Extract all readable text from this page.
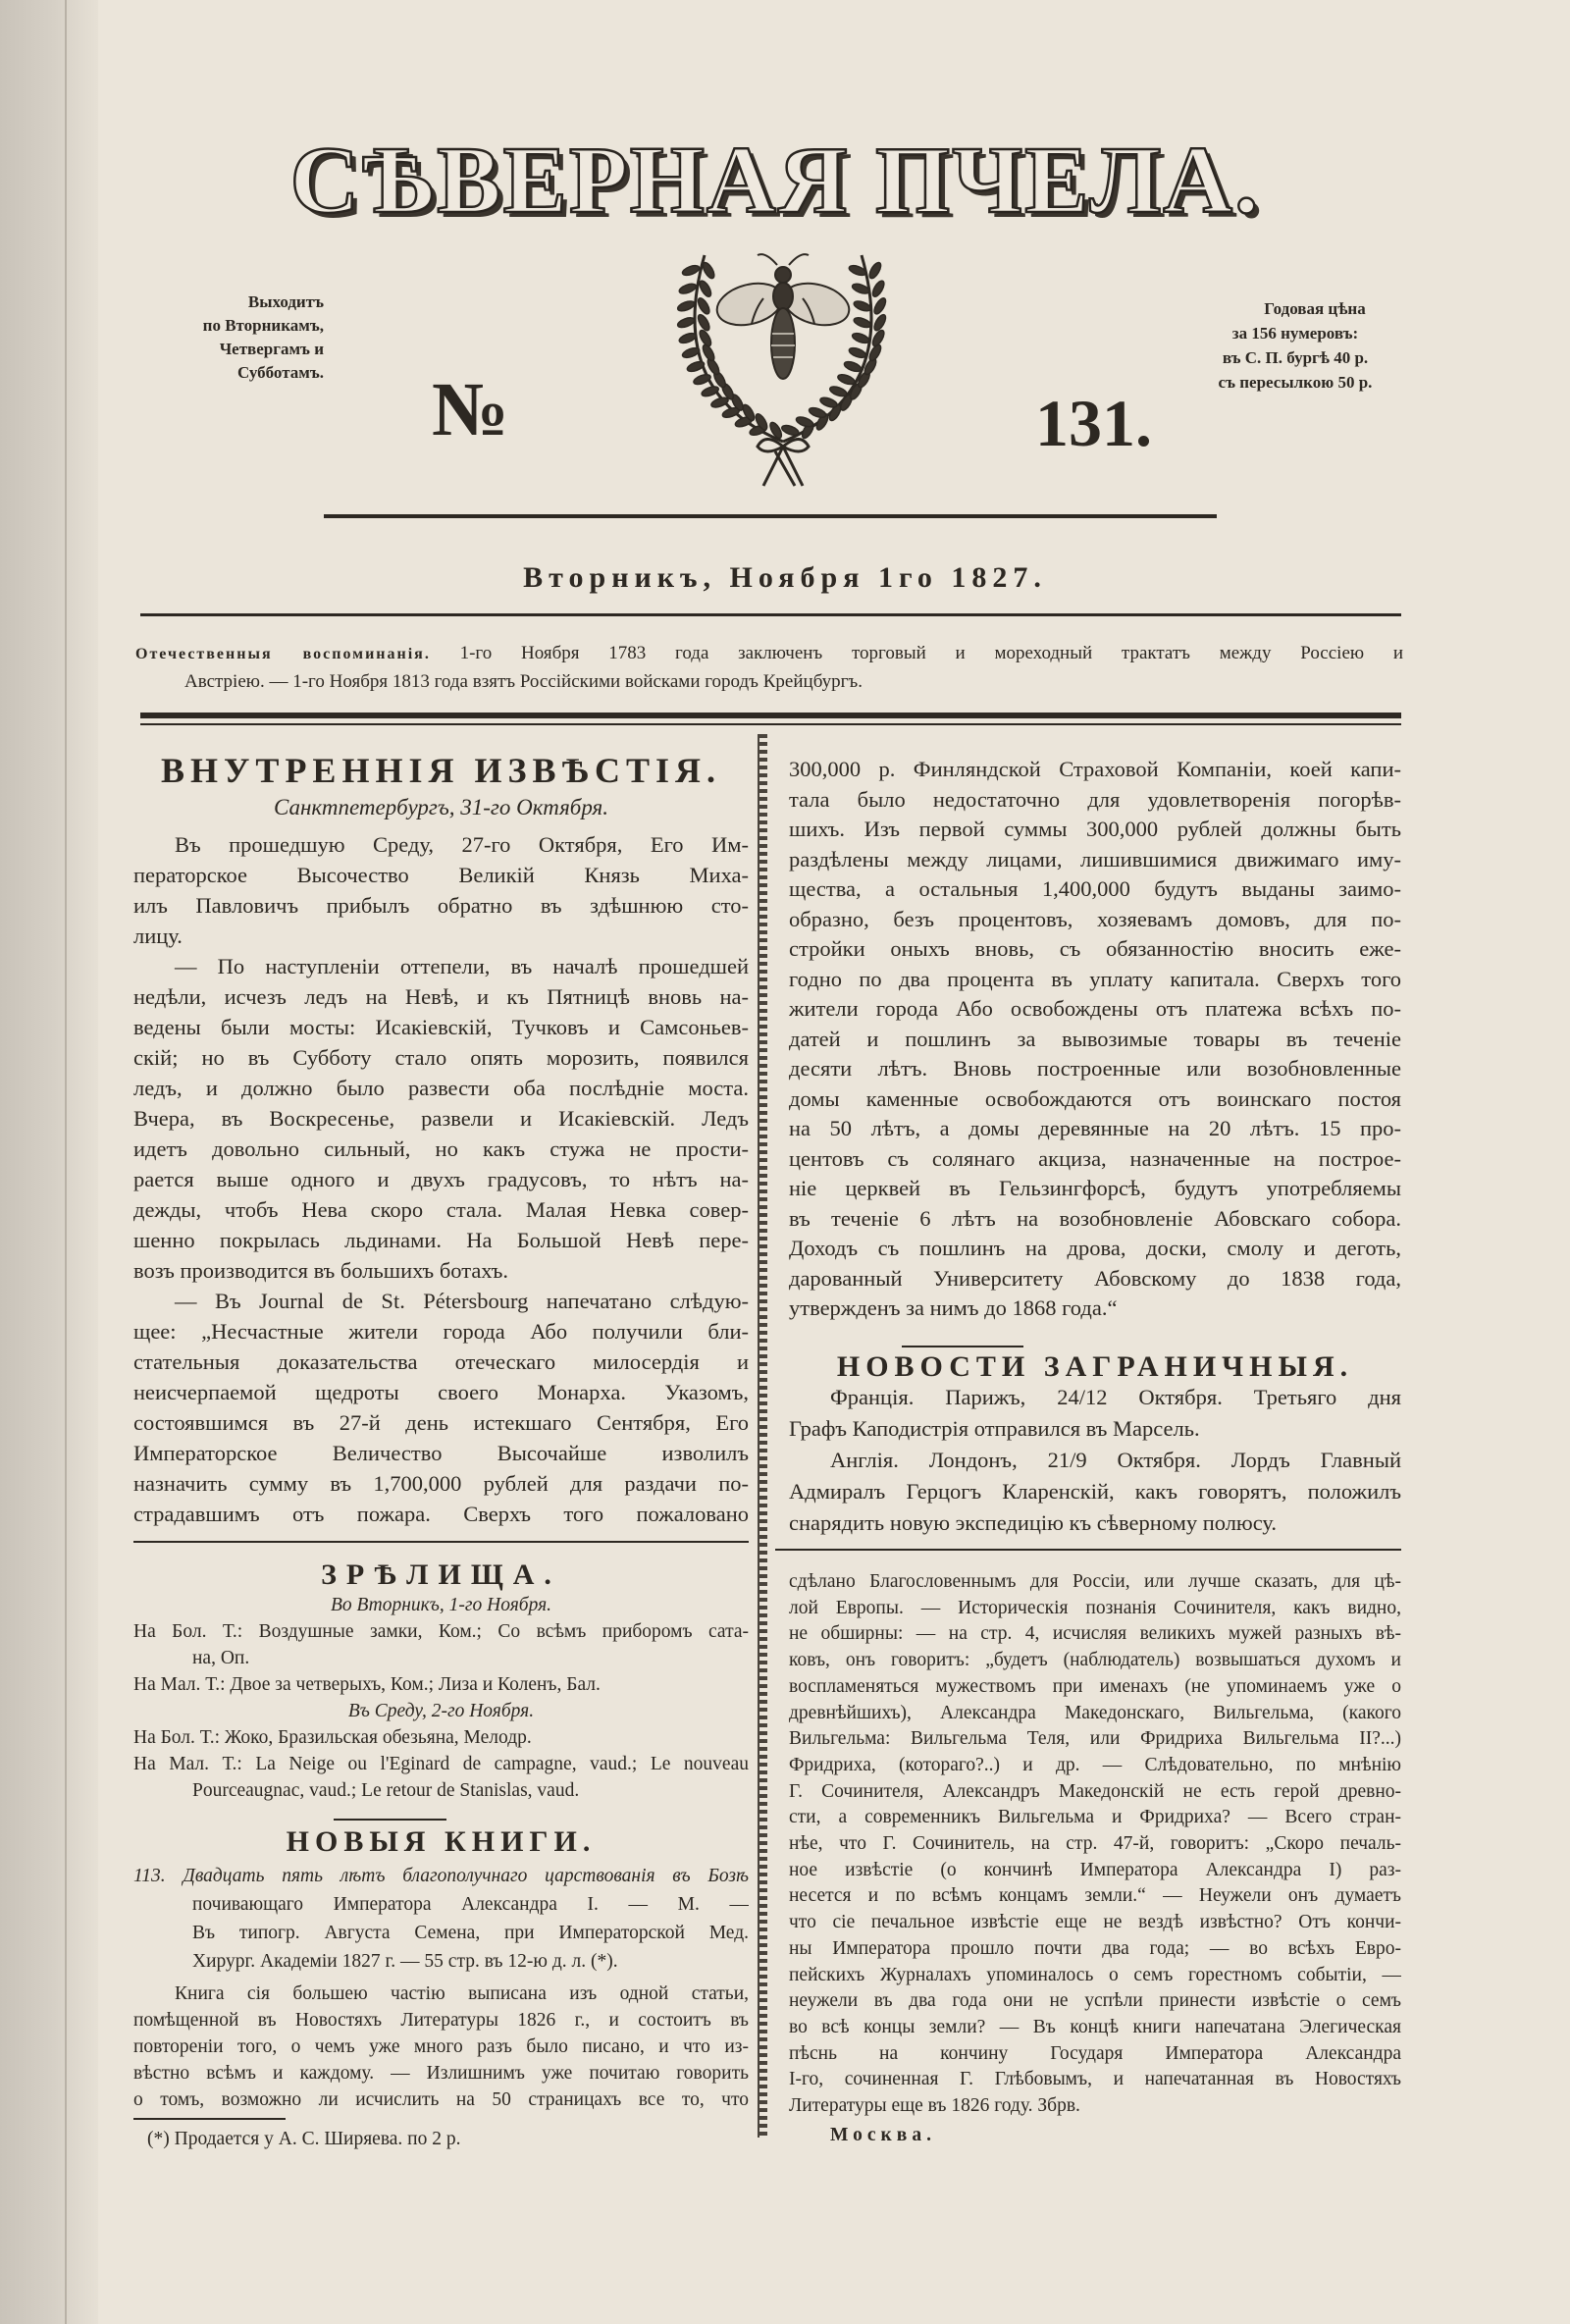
СѢВЕРНАЯ ПЧЕЛА.
Выходитъ
по Вторникамъ,
Четвергамъ и
Субботамъ.
Годовая цѣна
за 156 нумеровъ:
въ С. П. бургѣ 40 р.
съ пересылкою 50 р.
№	131.
Вторникъ, Ноября 1го 1827.
Отечественныя воспоминанія. 1-го Ноября 1783 года заключенъ торговый и мореходный трактатъ между Россіею и
Австріею. — 1-го Ноября 1813 года взятъ Россійскими войсками городъ Крейцбургъ.
ВНУТРЕННІЯ ИЗВѢСТІЯ.
Санктпетербургъ, 31-го Октября.
Въ прошедшую Среду, 27-го Октября, Его Им-
ператорское Высочество Великій Князь Миха-
илъ Павловичъ прибылъ обратно въ здѣшнюю сто-
лицу.
— По наступленіи оттепели, въ началѣ прошедшей
недѣли, исчезъ ледъ на Невѣ, и къ Пятницѣ вновь на-
ведены были мосты: Исакіевскій, Тучковъ и Самсоньев-
скій; но въ Субботу стало опять морозить, появился
ледъ, и должно было развести оба послѣдніе моста.
Вчера, въ Воскресенье, развели и Исакіевскій. Ледъ
идетъ довольно сильный, но какъ стужа не прости-
рается выше одного и двухъ градусовъ, то нѣтъ на-
дежды, чтобъ Нева скоро стала. Малая Невка совер-
шенно покрылась льдинами. На Большой Невѣ пере-
возъ производится въ большихъ ботахъ.
— Въ Journal de St. Pétersbourg напечатано слѣдую-
щее: „Несчастные жители города Або получили бли-
стательныя доказательства отеческаго милосердія и
неисчерпаемой щедроты своего Монарха. Указомъ,
состоявшимся въ 27-й день истекшаго Сентября, Его
Императорское Величество Высочайше изволилъ
назначить сумму въ 1,700,000 рублей для раздачи по-
страдавшимъ отъ пожара. Сверхъ того пожаловано
ЗРѢЛИЩА.
Во Вторникъ, 1-го Ноября.
На Бол. Т.: Воздушные замки, Ком.; Со всѣмъ приборомъ сата-
на, Оп.
На Мал. Т.: Двое за четверыхъ, Ком.; Лиза и Коленъ, Бал.
Въ Среду, 2-го Ноября.
На Бол. Т.: Жоко, Бразильская обезьяна, Мелодр.
На Мал. Т.: La Neige ou l'Eginard de campagne, vaud.; Le nouveau
Pourceaugnac, vaud.; Le retour de Stanislas, vaud.
НОВЫЯ КНИГИ.
113. Двадцать пять лѣтъ благополучнаго царствованія въ Бозѣ
почивающаго Императора Александра I. — М. —
Въ типогр. Августа Семена, при Императорской Мед.
Хирург. Академіи 1827 г. — 55 стр. въ 12-ю д. л. (*).
Книга сія большею частію выписана изъ одной статьи,
помѣщенной въ Новостяхъ Литературы 1826 г., и состоитъ въ
повтореніи того, о чемъ уже много разъ было писано, и что из-
вѣстно всѣмъ и каждому. — Излишнимъ уже почитаю говорить
о томъ, возможно ли исчислить на 50 страницахъ все то, что
(*) Продается у А. С. Ширяева. по 2 р.
300,000 р. Финляндской Страховой Компаніи, коей капи-
тала было недостаточно для удовлетворенія погорѣв-
шихъ. Изъ первой суммы 300,000 рублей должны быть
раздѣлены между лицами, лишившимися движимаго иму-
щества, а остальныя 1,400,000 будутъ выданы заимо-
образно, безъ процентовъ, хозяевамъ домовъ, для по-
стройки оныхъ вновь, съ обязанностію вносить еже-
годно по два процента въ уплату капитала. Сверхъ того
жители города Або освобождены отъ платежа всѣхъ по-
датей и пошлинъ за вывозимые товары въ теченіе
десяти лѣтъ. Вновь построенные или возобновленные
домы каменные освобождаются отъ воинскаго постоя
на 50 лѣтъ, а домы деревянные на 20 лѣтъ. 15 про-
центовъ съ солянаго акциза, назначенные на построе-
ніе церквей въ Гельзингфорсѣ, будутъ употребляемы
въ теченіе 6 лѣтъ на возобновленіе Абовскаго собора.
Доходъ съ пошлинъ на дрова, доски, смолу и деготь,
дарованный Университету Абовскому до 1838 года,
утвержденъ за нимъ до 1868 года.“
НОВОСТИ ЗАГРАНИЧНЫЯ.
Франція. Парижъ, 24/12 Октября. Третьяго дня
Графъ Каподистрія отправился въ Марсель.
Англія. Лондонъ, 21/9 Октября. Лордъ Главный
Адмиралъ Герцогъ Кларенскій, какъ говорятъ, положилъ
снарядить новую экспедицію къ сѣверному полюсу.
сдѣлано Благословеннымъ для Россіи, или лучше сказать, для цѣ-
лой Европы. — Историческія познанія Сочинителя, какъ видно,
не обширны: — на стр. 4, исчисляя великихъ мужей разныхъ вѣ-
ковъ, онъ говоритъ: „будетъ (наблюдатель) возвышаться духомъ и
воспламеняться мужествомъ при именахъ (не упоминаемъ уже о
древнѣйшихъ), Александра Македонскаго, Вильгельма, (какого
Вильгельма: Вильгельма Теля, или Фридриха Вильгельма II?...)
Фридриха, (котораго?..) и др. — Слѣдовательно, по мнѣнію
Г. Сочинителя, Александръ Македонскій не есть герой древно-
сти, а современникъ Вильгельма и Фридриха? — Всего стран-
нѣе, что Г. Сочинитель, на стр. 47-й, говоритъ: „Скоро печаль-
ное извѣстіе (о кончинѣ Императора Александра I) раз-
несется и по всѣмъ концамъ земли.“ — Неужели онъ думаетъ
что сіе печальное извѣстіе еще не вездѣ извѣстно? Отъ кончи-
ны Императора прошло почти два года; — во всѣхъ Евро-
пейскихъ Журналахъ упоминалось о семъ горестномъ событіи, —
неужели въ два года они не успѣли принести извѣстіе о семъ
во всѣ концы земли? — Въ концѣ книги напечатана Элегическая
пѣснь на кончину Государя Императора Александра
I-го, сочиненная Г. Глѣбовымъ, и напечатанная въ Новостяхъ
Литературы еще въ 1826 году. Збрв.
Москва.
